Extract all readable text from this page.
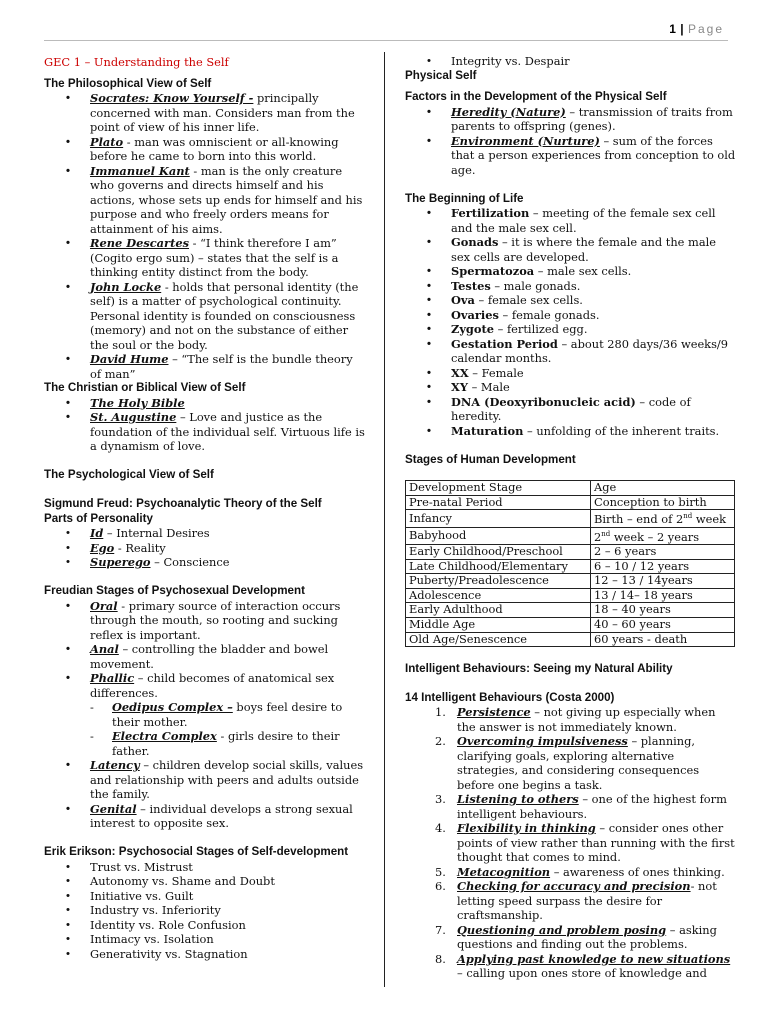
1 | Page
GEC 1 – Understanding the Self

The Philosophical View of Self

• Socrates: Know Yourself - principally concerned with man. Considers man from the point of view of his inner life.
• Plato - man was omniscient or all-knowing before he came to born into this world.
• Immanuel Kant - man is the only creature who governs and directs himself and his actions, whose sets up ends for himself and his purpose and who freely orders means for attainment of his aims.
• Rene Descartes - “I think therefore I am” (Cogito ergo sum) – states that the self is a thinking entity distinct from the body.
• John Locke - holds that personal identity (the self) is a matter of psychological continuity. Personal identity is founded on consciousness (memory) and not on the substance of either the soul or the body.
• David Hume – “The self is the bundle theory of man”

The Christian or Biblical View of Self

• The Holy Bible
• St. Augustine – Love and justice as the foundation of the individual self. Virtuous life is a dynamism of love.

The Psychological View of Self

Sigmund Freud: Psychoanalytic Theory of the Self

Parts of Personality

• Id – Internal Desires
• Ego - Reality
• Superego – Conscience

Freudian Stages of Psychosexual Development

• Oral - primary source of interaction occurs through the mouth, so rooting and sucking reflex is important.
• Anal – controlling the bladder and bowel movement.
• Phallic – child becomes of anatomical sex differences.
- Oedipus Complex – boys feel desire to their mother.
- Electra Complex - girls desire to their father.
• Latency – children develop social skills, values and relationship with peers and adults outside the family.
• Genital – individual develops a strong sexual interest to opposite sex.

Erik Erikson: Psychosocial Stages of Self-development

• Trust vs. Mistrust
• Autonomy vs. Shame and Doubt
• Initiative vs. Guilt
• Industry vs. Inferiority
• Identity vs. Role Confusion
• Intimacy vs. Isolation
• Generativity vs. Stagnation
• Integrity vs. Despair

Physical Self

Factors in the Development of the Physical Self

• Heredity (Nature) – transmission of traits from parents to offspring (genes).
• Environment (Nurture) – sum of the forces that a person experiences from conception to old age.

The Beginning of Life

• Fertilization – meeting of the female sex cell and the male sex cell.
• Gonads – it is where the female and the male sex cells are developed.
• Spermatozoa – male sex cells.
• Testes – male gonads.
• Ova – female sex cells.
• Ovaries – female gonads.
• Zygote – fertilized egg.
• Gestation Period – about 280 days/36 weeks/9 calendar months.
• XX – Female
• XY – Male
• DNA (Deoxyribonucleic acid) – code of heredity.
• Maturation – unfolding of the inherent traits.

Stages of Human Development

Development Stage	Age
Pre-natal Period	Conception to birth
Infancy	Birth – end of 2nd week
Babyhood	2nd week – 2 years
Early Childhood/Preschool	2 – 6 years
Late Childhood/Elementary	6 – 10 / 12 years
Puberty/Preadolescence	12 – 13 / 14years
Adolescence	13 / 14– 18 years
Early Adulthood	18 – 40 years
Middle Age	40 – 60 years
Old Age/Senescence	60 years - death

Intelligent Behaviours: Seeing my Natural Ability

14 Intelligent Behaviours (Costa 2000)

1. Persistence – not giving up especially when the answer is not immediately known.
2. Overcoming impulsiveness – planning, clarifying goals, exploring alternative strategies, and considering consequences before one begins a task.
3. Listening to others – one of the highest form intelligent behaviours.
4. Flexibility in thinking – consider ones other points of view rather than running with the first thought that comes to mind.
5. Metacognition – awareness of ones thinking.
6. Checking for accuracy and precision- not letting speed surpass the desire for craftsmanship.
7. Questioning and problem posing – asking questions and finding out the problems.
8. Applying past knowledge to new situations – calling upon ones store of knowledge and
